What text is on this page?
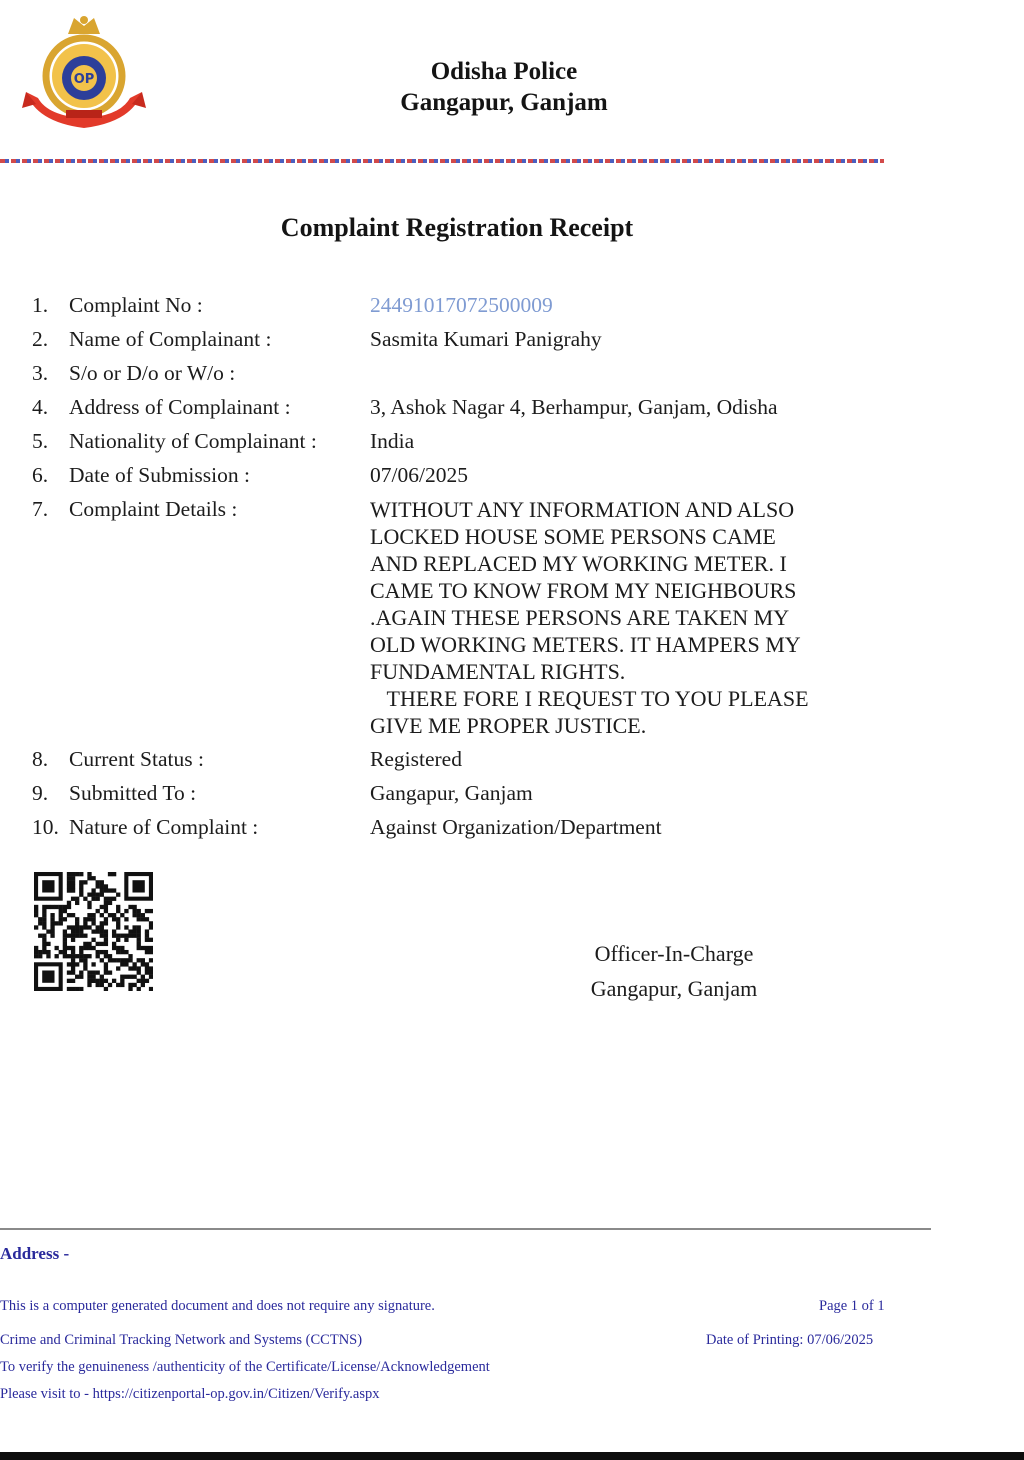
OP	Odisha Police
Gangapur, Ganjam
Complaint Registration Receipt
1. Complaint No :	24491017072500009
2. Name of Complainant :	Sasmita Kumari Panigrahy
3. S/o or D/o or W/o :
4. Address of Complainant :	3, Ashok Nagar 4, Berhampur, Ganjam, Odisha
5. Nationality of Complainant :	India
6. Date of Submission :	07/06/2025
7. Complaint Details :	WITHOUT ANY INFORMATION AND ALSO
LOCKED HOUSE SOME PERSONS CAME
AND REPLACED MY WORKING METER. I
CAME TO KNOW FROM MY NEIGHBOURS
.AGAIN THESE PERSONS ARE TAKEN MY
OLD WORKING METERS. IT HAMPERS MY
FUNDAMENTAL RIGHTS.
THERE FORE I REQUEST TO YOU PLEASE
GIVE ME PROPER JUSTICE.
8. Current Status :	Registered
9. Submitted To :	Gangapur, Ganjam
10. Nature of Complaint :	Against Organization/Department
Officer-In-Charge
Gangapur, Ganjam
Address -
This is a computer generated document and does not require any signature.
Crime and Criminal Tracking Network and Systems (CCTNS)
To verify the genuineness /authenticity of the Certificate/License/Acknowledgement
Please visit to - https://citizenportal-op.gov.in/Citizen/Verify.aspx
Page 1 of 1
Date of Printing: 07/06/2025
